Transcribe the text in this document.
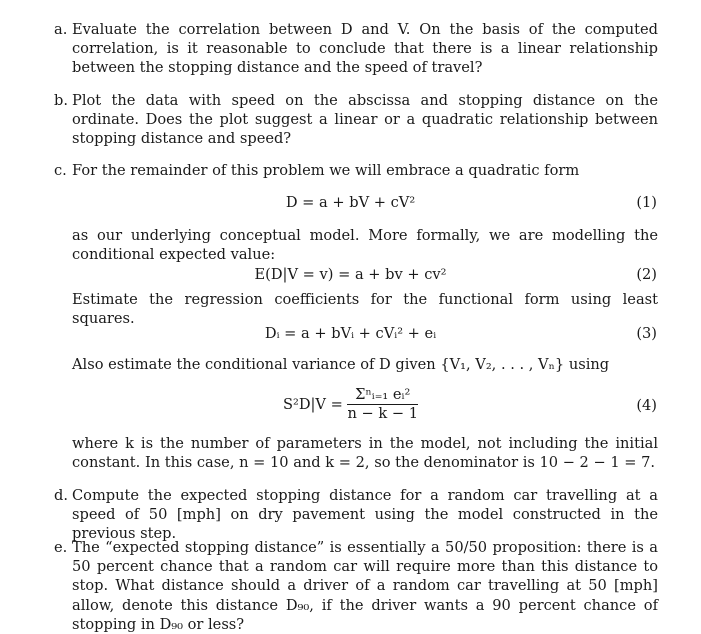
a. Evaluate the correlation between D and V. On the basis of the computed correlation, is it reasonable to conclude that there is a linear relationship between the stopping distance and the speed of travel?
b. Plot the data with speed on the abscissa and stopping distance on the ordinate. Does the plot suggest a linear or a quadratic relationship between stopping distance and speed?
c. For the remainder of this problem we will embrace a quadratic form
D = a + bV + cV²	(1)
as our underlying conceptual model. More formally, we are modelling the conditional expected value:
E(D|V = v) = a + bv + cv²	(2)
Estimate the regression coefficients for the functional form using least squares.
Dᵢ = a + bVᵢ + cVᵢ² + eᵢ	(3)
Also estimate the conditional variance of D given {V₁, V₂, . . . , Vₙ} using
$S^2D|V = \frac{\text{Σⁿᵢ₌₁ eᵢ²}}{n - k - 1}$	(4)
where k is the number of parameters in the model, not including the initial constant. In this case, n = 10 and k = 2, so the denominator is 10 − 2 − 1 = 7.
d. Compute the expected stopping distance for a random car travelling at a speed of 50 [mph] on dry pavement using the model constructed in the previous step.
e. The “expected stopping distance” is essentially a 50/50 proposition: there is a 50 percent chance that a random car will require more than this distance to stop. What distance should a driver of a random car travelling at 50 [mph] allow, denote this distance D₉₀, if the driver wants a 90 percent chance of stopping in D₉₀ or less?
